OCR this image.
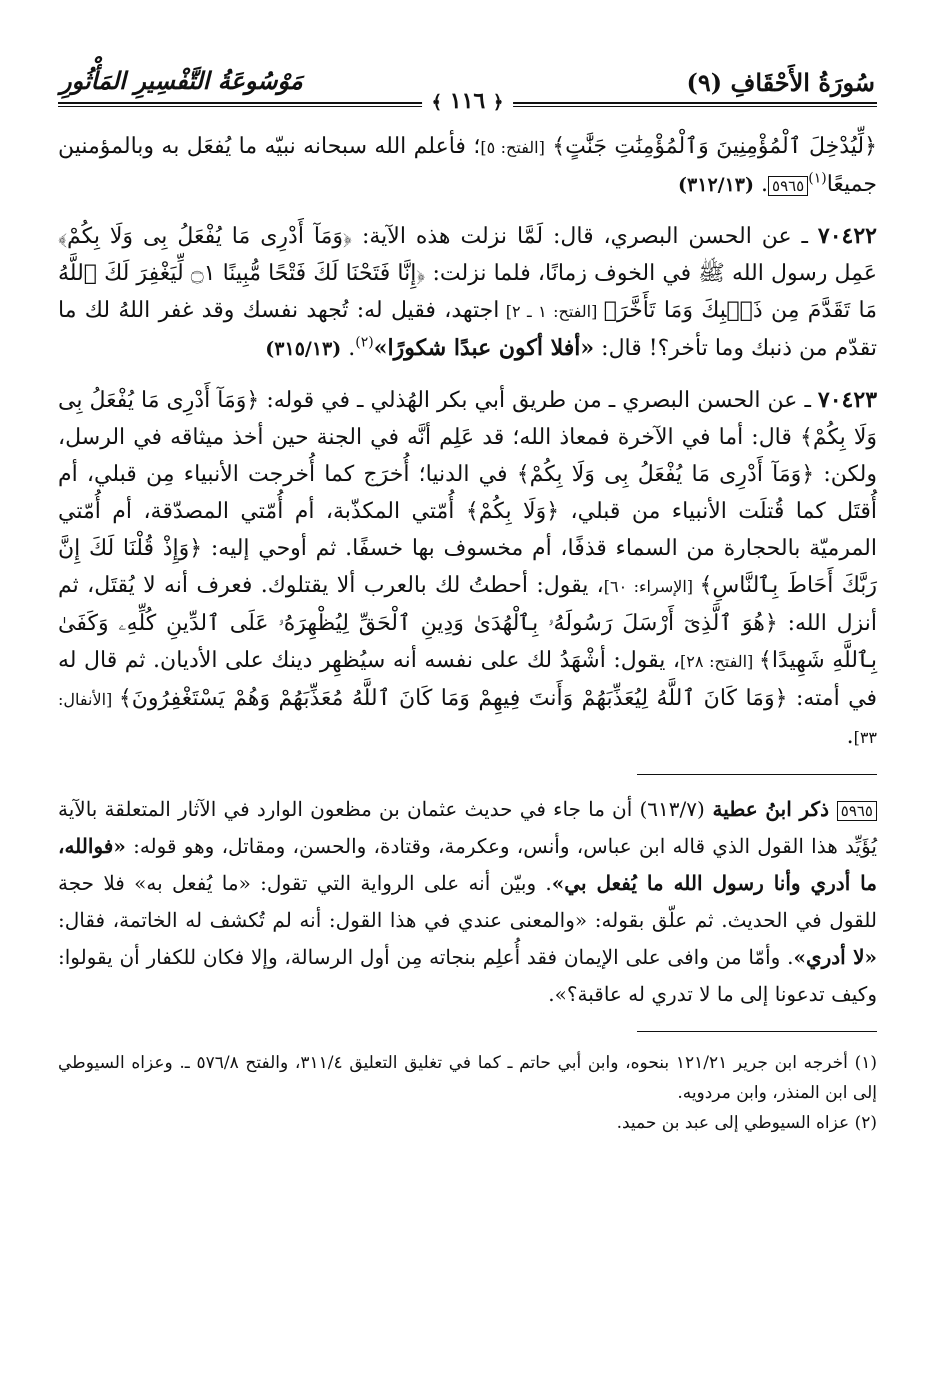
سُورَةُ الأَحْقَافِ (٩)
مَوْسُوعَةُ التَّفْسِيرِ المَأْثُورِ
﴿ ١١٦ ﴾

﴿لِّيُدْخِلَ ٱلْمُؤْمِنِينَ وَٱلْمُؤْمِنَٰتِ جَنَّٰتٍ﴾ [الفتح: ٥]؛ فأعلم الله سبحانه نبيّه ما يُفعَل به وبالمؤمنين جميعًا$^{(١)}$٥٩٦٥. (٣١٢/١٣)

٧٠٤٢٢ ـ عن الحسن البصري، قال: لَمَّا نزلت هذه الآية: ﴿وَمَآ أَدْرِى مَا يُفْعَلُ بِى وَلَا بِكُمْ﴾ عَمِل رسول الله ﷺ في الخوف زمانًا، فلما نزلت: ﴿إِنَّا فَتَحْنَا لَكَ فَتْحًا مُّبِينًا ۝١ لِّيَغْفِرَ لَكَ ٱللَّهُ مَا تَقَدَّمَ مِن ذَنۢبِكَ وَمَا تَأَخَّرَ﴾ [الفتح: ١ ـ ٢] اجتهد، فقيل له: تُجهد نفسك وقد غفر اللهُ لك ما تقدّم من ذنبك وما تأخر؟! قال: «أفلا أكون عبدًا شكورًا»$^{(٢)}$. (٣١٥/١٣)

٧٠٤٢٣ ـ عن الحسن البصري ـ من طريق أبي بكر الهُذلي ـ في قوله: ﴿وَمَآ أَدْرِى مَا يُفْعَلُ بِى وَلَا بِكُمْ﴾ قال: أما في الآخرة فمعاذ الله؛ قد عَلِم أنَّه في الجنة حين أخذ ميثاقه في الرسل، ولكن: ﴿وَمَآ أَدْرِى مَا يُفْعَلُ بِى وَلَا بِكُمْ﴾ في الدنيا؛ أُخرَج كما أُخرجت الأنبياء مِن قبلي، أم أُقتَل كما قُتلَت الأنبياء من قبلي، ﴿وَلَا بِكُمْ﴾ أُمّتي المكذّبة، أم أُمّتي المصدّقة، أم أُمّتي المرميّة بالحجارة من السماء قذفًا، أم مخسوف بها خسفًا. ثم أوحي إليه: ﴿وَإِذْ قُلْنَا لَكَ إِنَّ رَبَّكَ أَحَاطَ بِٱلنَّاسِ﴾ [الإسراء: ٦٠]، يقول: أحطتُ لك بالعرب ألا يقتلوك. فعرف أنه لا يُقتَل، ثم أنزل الله: ﴿هُوَ ٱلَّذِىٓ أَرْسَلَ رَسُولَهُۥ بِٱلْهُدَىٰ وَدِينِ ٱلْحَقِّ لِيُظْهِرَهُۥ عَلَى ٱلدِّينِ كُلِّهِۦ وَكَفَىٰ بِٱللَّهِ شَهِيدًا﴾ [الفتح: ٢٨]، يقول: أشْهَدُ لك على نفسه أنه سيُظهِر دينك على الأديان. ثم قال له في أمته: ﴿وَمَا كَانَ ٱللَّهُ لِيُعَذِّبَهُمْ وَأَنتَ فِيهِمْ وَمَا كَانَ ٱللَّهُ مُعَذِّبَهُمْ وَهُمْ يَسْتَغْفِرُونَ﴾ [الأنفال: ٣٣].

٥٩٦٥ ذكر ابنُ عطية (٦١٣/٧) أن ما جاء في حديث عثمان بن مظعون الوارد في الآثار المتعلقة بالآية يُؤَيِّد هذا القول الذي قاله ابن عباس، وأنس، وعكرمة، وقتادة، والحسن، ومقاتل، وهو قوله: «فوالله، ما أدري وأنا رسول الله ما يُفعل بي». وبيّن أنه على الرواية التي تقول: «ما يُفعل به» فلا حجة للقول في الحديث. ثم علّق بقوله: «والمعنى عندي في هذا القول: أنه لم تُكشف له الخاتمة، فقال: «لا أدري». وأمّا من وافى على الإيمان فقد أُعلِم بنجاته مِن أول الرسالة، وإلا فكان للكفار أن يقولوا: وكيف تدعونا إلى ما لا تدري له عاقبة؟».

(١) أخرجه ابن جرير ١٢١/٢١ بنحوه، وابن أبي حاتم ـ كما في تغليق التعليق ٣١١/٤، والفتح ٥٧٦/٨ ـ. وعزاه السيوطي إلى ابن المنذر، وابن مردويه.

(٢) عزاه السيوطي إلى عبد بن حميد.
